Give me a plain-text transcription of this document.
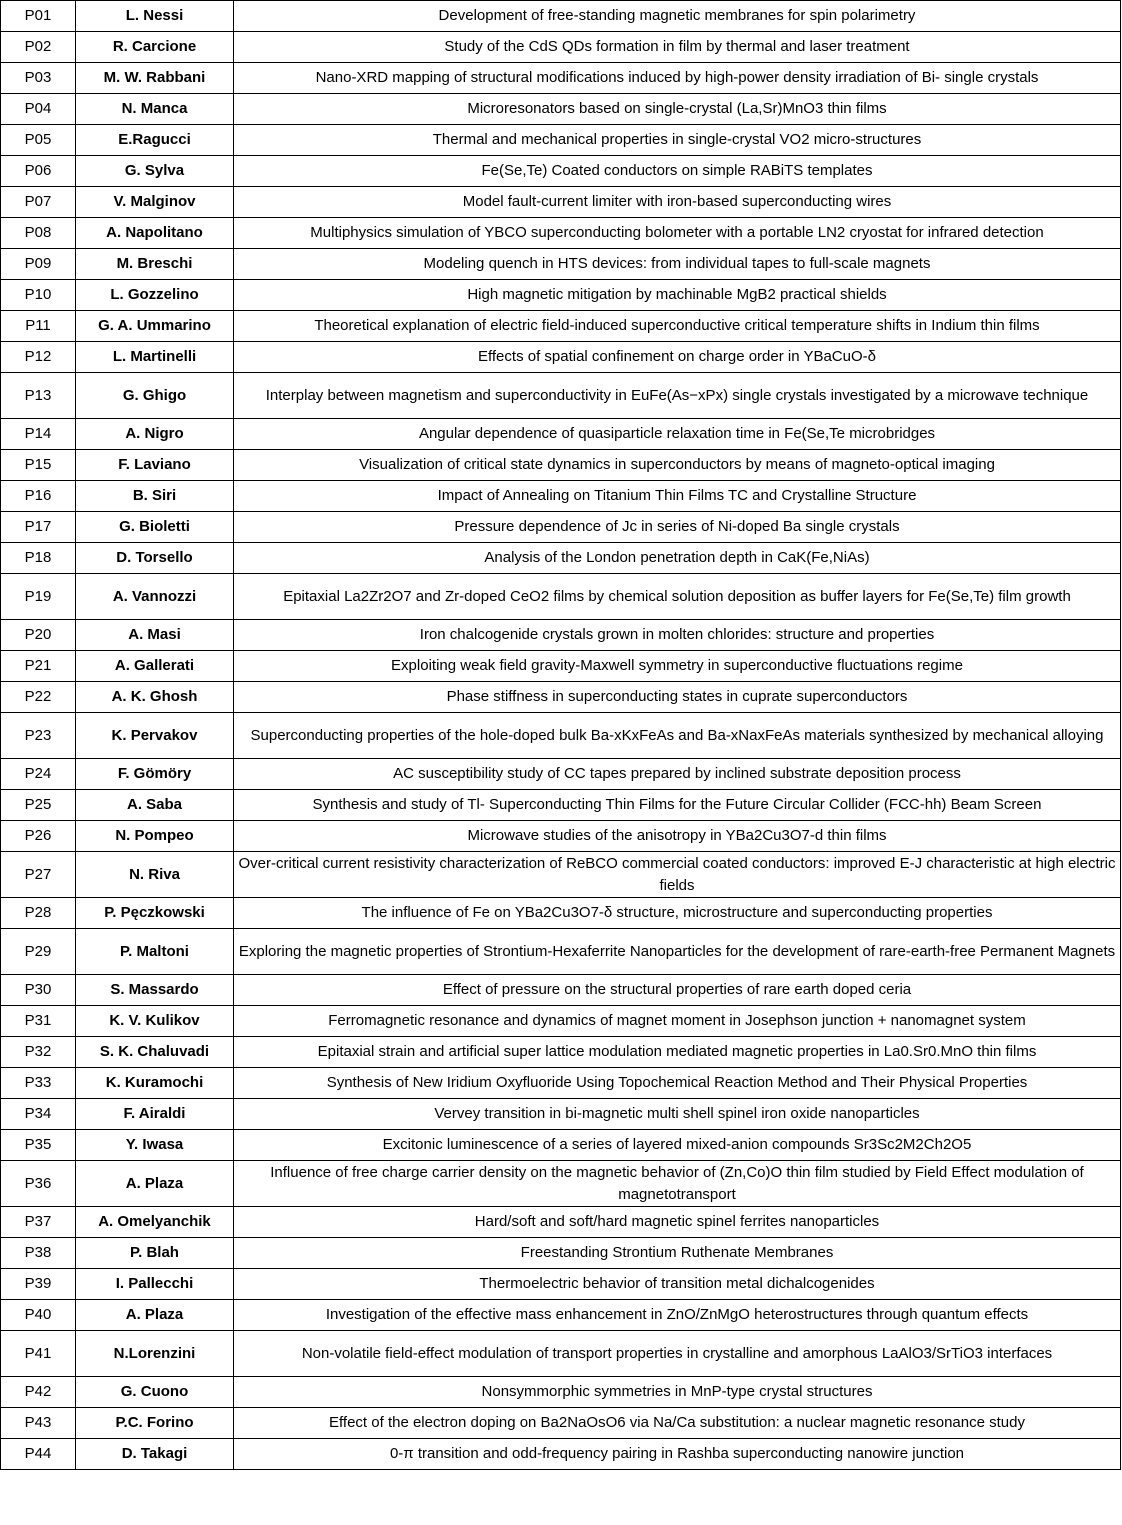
P01	L. Nessi	Development of free-standing magnetic membranes for spin polarimetry
P02	R. Carcione	Study of the CdS QDs formation in film by thermal and laser treatment
P03	M. W. Rabbani	Nano-XRD mapping of structural modifications induced by high-power density irradiation of Bi- single crystals
P04	N. Manca	Microresonators based on single-crystal (La,Sr)MnO3 thin films
P05	E.Ragucci	Thermal and mechanical properties in single-crystal VO2 micro-structures
P06	G. Sylva	Fe(Se,Te) Coated conductors on simple RABiTS templates
P07	V. Malginov	Model fault-current limiter with iron-based superconducting wires
P08	A. Napolitano	Multiphysics simulation of YBCO superconducting bolometer with a portable LN2 cryostat for infrared detection
P09	M. Breschi	Modeling quench in HTS devices: from individual tapes to full-scale magnets
P10	L. Gozzelino	High magnetic mitigation by machinable MgB2 practical shields
P11	G. A. Ummarino	Theoretical explanation of electric field-induced superconductive critical temperature shifts in Indium thin films
P12	L. Martinelli	Effects of spatial confinement on charge order in YBaCuO-δ
P13	G. Ghigo	Interplay between magnetism and superconductivity in EuFe(As−xPx) single crystals investigated by a microwave technique
P14	A. Nigro	Angular dependence of quasiparticle relaxation time in Fe(Se,Te microbridges
P15	F. Laviano	Visualization of critical state dynamics in superconductors by means of magneto-optical imaging
P16	B. Siri	Impact of Annealing on Titanium Thin Films TC and Crystalline Structure
P17	G. Bioletti	Pressure dependence of Jc in series of Ni-doped Ba single crystals
P18	D. Torsello	Analysis of the London penetration depth in CaK(Fe,NiAs)
P19	A. Vannozzi	Epitaxial La2Zr2O7 and Zr-doped CeO2 films by chemical solution deposition as buffer layers for Fe(Se,Te) film growth
P20	A. Masi	Iron chalcogenide crystals grown in molten chlorides: structure and properties
P21	A. Gallerati	Exploiting weak field gravity-Maxwell symmetry in superconductive fluctuations regime
P22	A. K. Ghosh	Phase stiffness in superconducting states in cuprate superconductors
P23	K. Pervakov	Superconducting properties of the hole-doped bulk Ba-xKxFeAs and Ba-xNaxFeAs materials synthesized by mechanical alloying
P24	F. Gömöry	AC susceptibility study of CC tapes prepared by inclined substrate deposition process
P25	A. Saba	Synthesis and study of Tl- Superconducting Thin Films for the Future Circular Collider (FCC-hh) Beam Screen
P26	N. Pompeo	Microwave studies of the anisotropy in YBa2Cu3O7-d thin films
P27	N. Riva	Over-critical current resistivity characterization of ReBCO commercial coated conductors: improved E-J characteristic at high electric fields
P28	P. Pęczkowski	The influence of Fe on YBa2Cu3O7-δ structure, microstructure and superconducting properties
P29	P. Maltoni	Exploring the magnetic properties of Strontium-Hexaferrite Nanoparticles for the development of rare-earth-free Permanent Magnets
P30	S. Massardo	Effect of pressure on the structural properties of rare earth doped ceria
P31	K. V. Kulikov	Ferromagnetic resonance and dynamics of magnet moment in Josephson junction + nanomagnet system
P32	S. K. Chaluvadi	Epitaxial strain and artificial super lattice modulation mediated magnetic properties in La0.Sr0.MnO thin films
P33	K. Kuramochi	Synthesis of New Iridium Oxyfluoride Using Topochemical Reaction Method and Their Physical Properties
P34	F. Airaldi	Vervey transition in bi-magnetic multi shell spinel iron oxide nanoparticles
P35	Y. Iwasa	Excitonic luminescence of a series of layered mixed-anion compounds Sr3Sc2M2Ch2O5
P36	A. Plaza	Influence of free charge carrier density on the magnetic behavior of (Zn,Co)O thin film studied by Field Effect modulation of magnetotransport
P37	A. Omelyanchik	Hard/soft and soft/hard magnetic spinel ferrites nanoparticles
P38	P. Blah	Freestanding Strontium Ruthenate Membranes
P39	I. Pallecchi	Thermoelectric behavior of transition metal dichalcogenides
P40	A. Plaza	Investigation of the effective mass enhancement in ZnO/ZnMgO heterostructures through quantum effects
P41	N.Lorenzini	Non-volatile field-effect modulation of transport properties in crystalline and amorphous LaAlO3/SrTiO3 interfaces
P42	G. Cuono	Nonsymmorphic symmetries in MnP-type crystal structures
P43	P.C. Forino	Effect of the electron doping on Ba2NaOsO6 via Na/Ca substitution: a nuclear magnetic resonance study
P44	D. Takagi	0-π transition and odd-frequency pairing in Rashba superconducting nanowire junction
